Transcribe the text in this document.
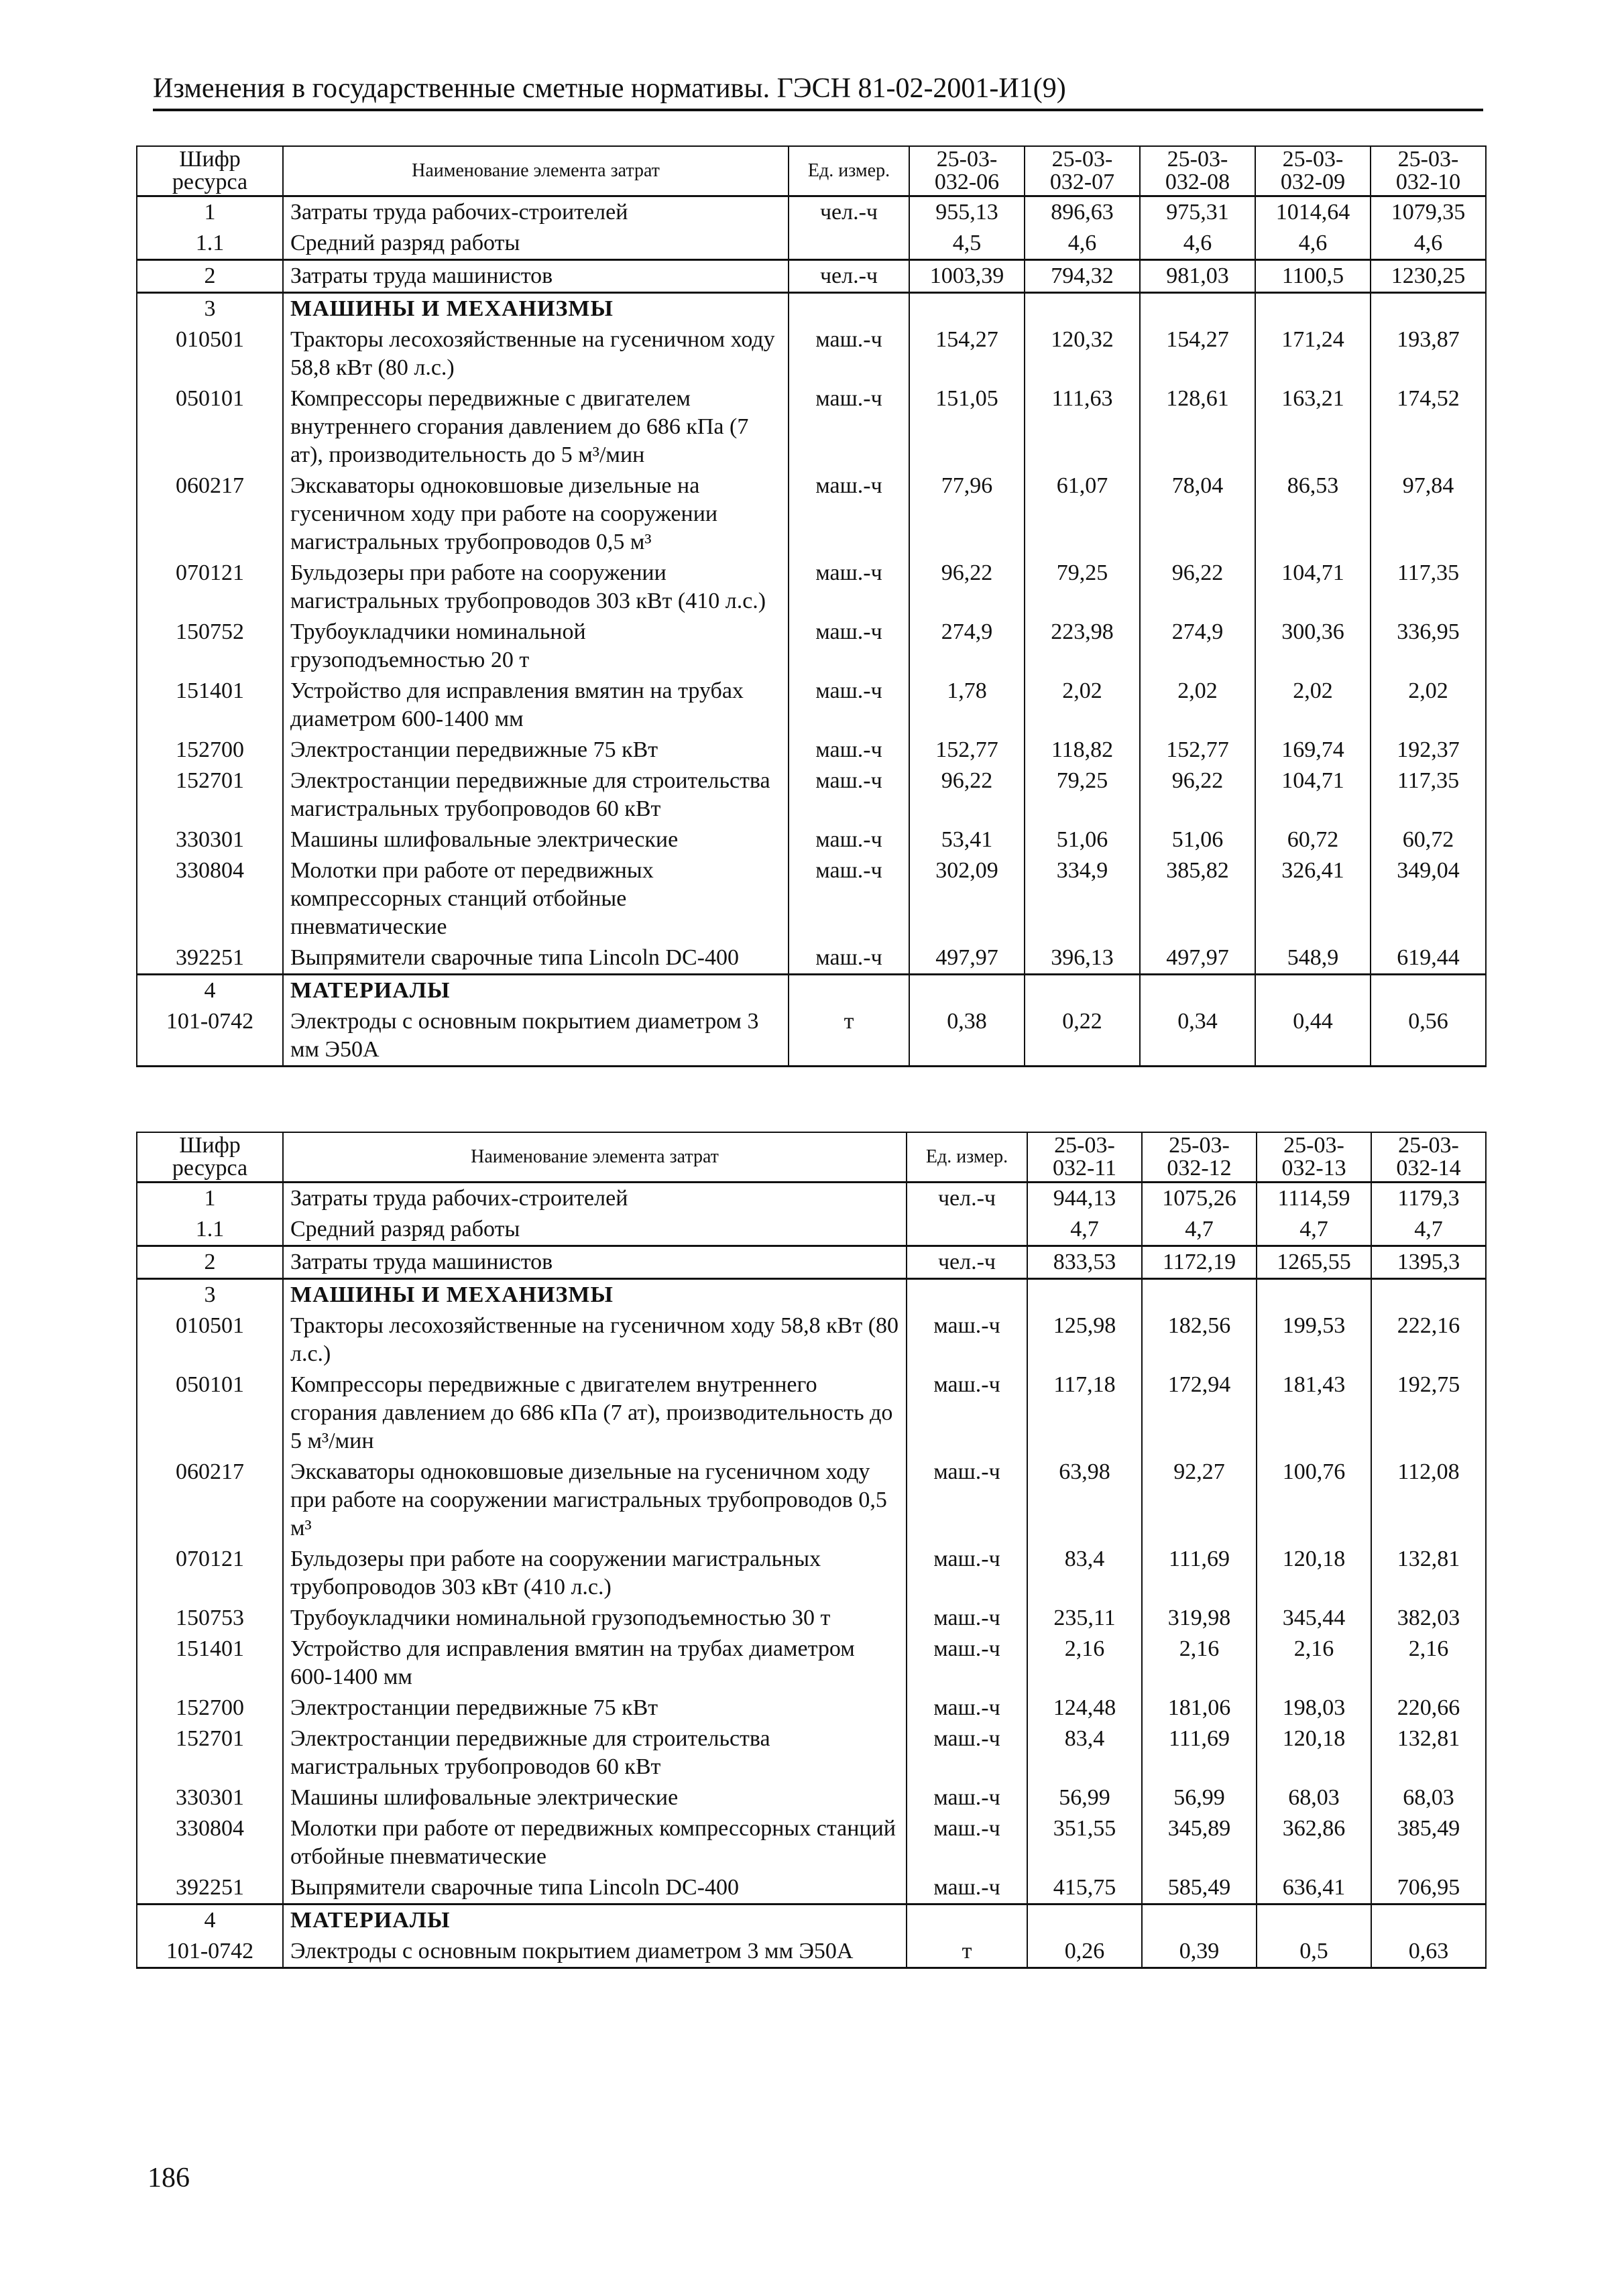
Изменения в государственные сметные нормативы. ГЭСН 81-02-2001-И1(9)
Шифр ресурса	Наименование элемента затрат	Ед. измер.	25-03-032-06	25-03-032-07	25-03-032-08	25-03-032-09	25-03-032-10
1	Затраты труда рабочих-строителей	чел.-ч	955,13	896,63	975,31	1014,64	1079,35
1.1	Средний разряд работы		4,5	4,6	4,6	4,6	4,6
2	Затраты труда машинистов	чел.-ч	1003,39	794,32	981,03	1100,5	1230,25
3	МАШИНЫ И МЕХАНИЗМЫ						
010501	Тракторы лесохозяйственные на гусеничном ходу 58,8 кВт (80 л.с.)	маш.-ч	154,27	120,32	154,27	171,24	193,87
050101	Компрессоры передвижные с двигателем внутреннего сгорания давлением до 686 кПа (7 ат), производительность до 5 м³/мин	маш.-ч	151,05	111,63	128,61	163,21	174,52
060217	Экскаваторы одноковшовые дизельные на гусеничном ходу при работе на сооружении магистральных трубопроводов 0,5 м³	маш.-ч	77,96	61,07	78,04	86,53	97,84
070121	Бульдозеры при работе на сооружении магистральных трубопроводов 303 кВт (410 л.с.)	маш.-ч	96,22	79,25	96,22	104,71	117,35
150752	Трубоукладчики номинальной грузоподъемностью 20 т	маш.-ч	274,9	223,98	274,9	300,36	336,95
151401	Устройство для исправления вмятин на трубах диаметром 600-1400 мм	маш.-ч	1,78	2,02	2,02	2,02	2,02
152700	Электростанции передвижные 75 кВт	маш.-ч	152,77	118,82	152,77	169,74	192,37
152701	Электростанции передвижные для строительства магистральных трубопроводов 60 кВт	маш.-ч	96,22	79,25	96,22	104,71	117,35
330301	Машины шлифовальные электрические	маш.-ч	53,41	51,06	51,06	60,72	60,72
330804	Молотки при работе от передвижных компрессорных станций отбойные пневматические	маш.-ч	302,09	334,9	385,82	326,41	349,04
392251	Выпрямители сварочные типа Lincoln DC-400	маш.-ч	497,97	396,13	497,97	548,9	619,44
4	МАТЕРИАЛЫ						
101-0742	Электроды с основным покрытием диаметром 3 мм Э50А	т	0,38	0,22	0,34	0,44	0,56
Шифр ресурса	Наименование элемента затрат	Ед. измер.	25-03-032-11	25-03-032-12	25-03-032-13	25-03-032-14
1	Затраты труда рабочих-строителей	чел.-ч	944,13	1075,26	1114,59	1179,3
1.1	Средний разряд работы		4,7	4,7	4,7	4,7
2	Затраты труда машинистов	чел.-ч	833,53	1172,19	1265,55	1395,3
3	МАШИНЫ И МЕХАНИЗМЫ					
010501	Тракторы лесохозяйственные на гусеничном ходу 58,8 кВт (80 л.с.)	маш.-ч	125,98	182,56	199,53	222,16
050101	Компрессоры передвижные с двигателем внутреннего сгорания давлением до 686 кПа (7 ат), производительность до 5 м³/мин	маш.-ч	117,18	172,94	181,43	192,75
060217	Экскаваторы одноковшовые дизельные на гусеничном ходу при работе на сооружении магистральных трубопроводов 0,5 м³	маш.-ч	63,98	92,27	100,76	112,08
070121	Бульдозеры при работе на сооружении магистральных трубопроводов 303 кВт (410 л.с.)	маш.-ч	83,4	111,69	120,18	132,81
150753	Трубоукладчики номинальной грузоподъемностью 30 т	маш.-ч	235,11	319,98	345,44	382,03
151401	Устройство для исправления вмятин на трубах диаметром 600-1400 мм	маш.-ч	2,16	2,16	2,16	2,16
152700	Электростанции передвижные 75 кВт	маш.-ч	124,48	181,06	198,03	220,66
152701	Электростанции передвижные для строительства магистральных трубопроводов 60 кВт	маш.-ч	83,4	111,69	120,18	132,81
330301	Машины шлифовальные электрические	маш.-ч	56,99	56,99	68,03	68,03
330804	Молотки при работе от передвижных компрессорных станций отбойные пневматические	маш.-ч	351,55	345,89	362,86	385,49
392251	Выпрямители сварочные типа Lincoln DC-400	маш.-ч	415,75	585,49	636,41	706,95
4	МАТЕРИАЛЫ					
101-0742	Электроды с основным покрытием диаметром 3 мм Э50А	т	0,26	0,39	0,5	0,63
186
